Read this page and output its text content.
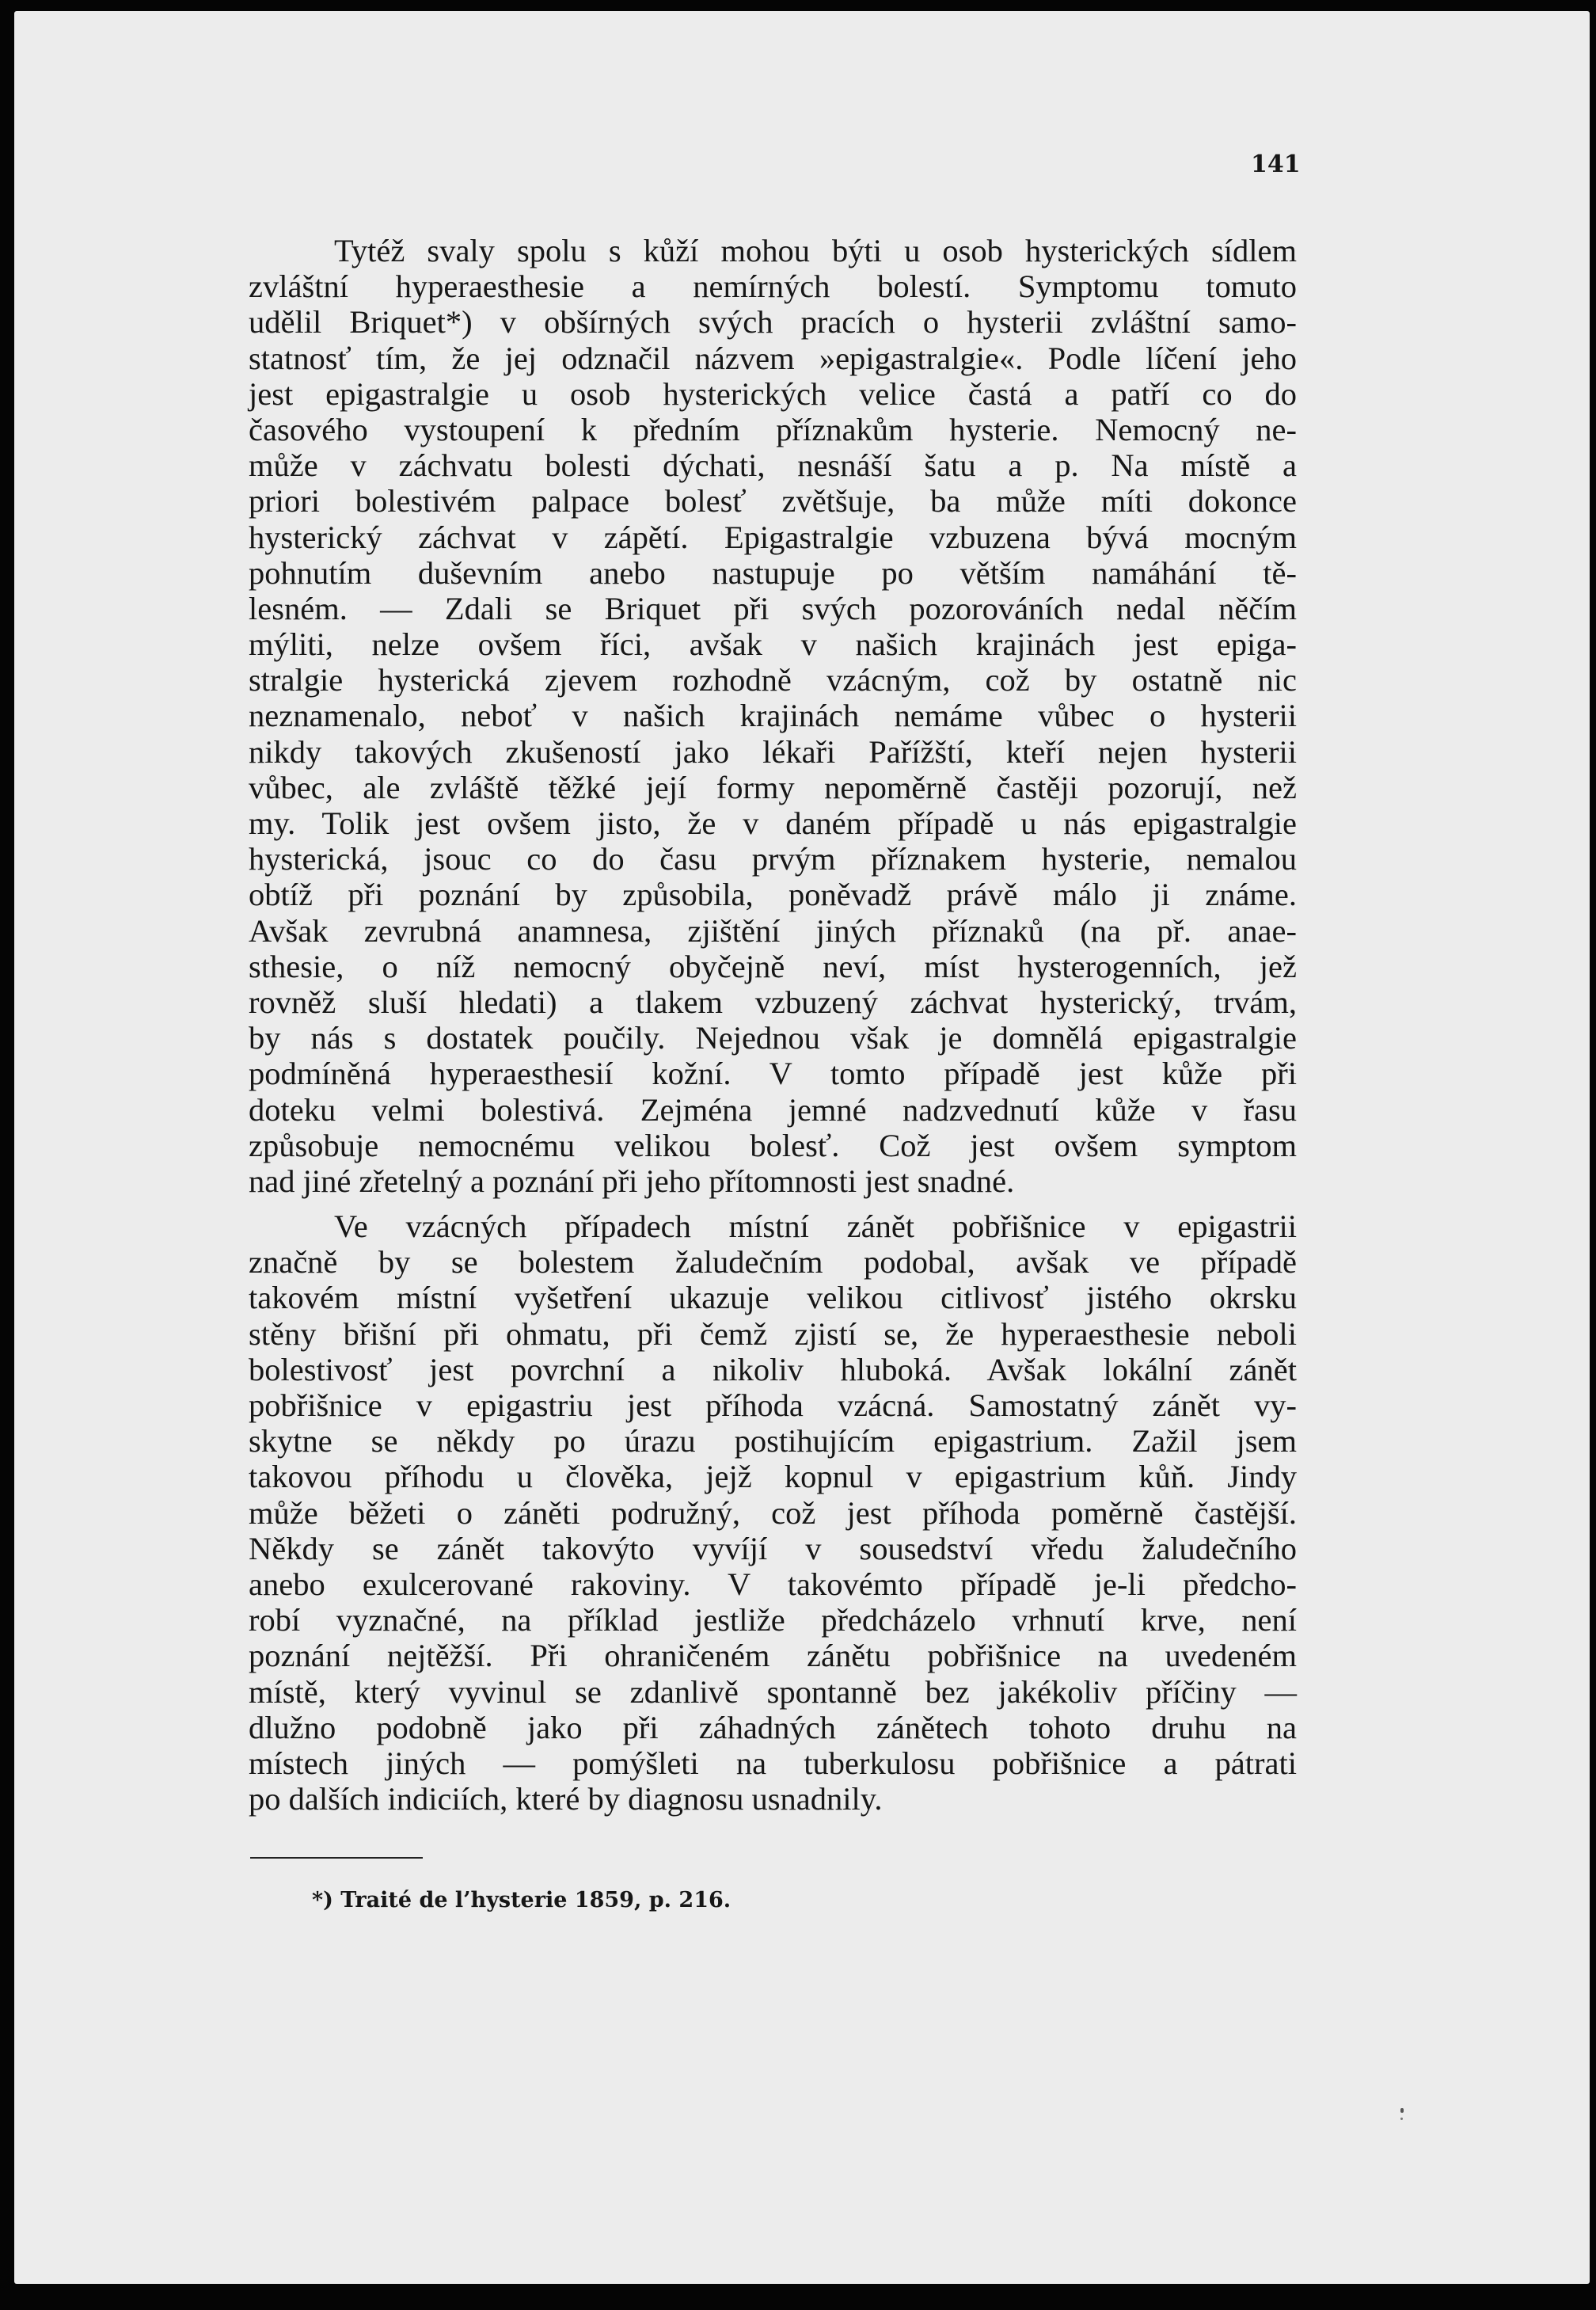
141
Tytéž svaly spolu s kůží mohou býti u osob hysterických sídlem
zvláštní hyperaesthesie a nemírných bolestí. Symptomu tomuto
udělil Briquet*) v obšírných svých pracích o hysterii zvláštní samo-
statnosť tím, že jej odznačil názvem »epigastralgie«. Podle líčení jeho
jest epigastralgie u osob hysterických velice častá a patří co do
časového vystoupení k předním příznakům hysterie. Nemocný ne-
může v záchvatu bolesti dýchati, nesnáší šatu a p. Na místě a
priori bolestivém palpace bolesť zvětšuje, ba může míti dokonce
hysterický záchvat v zápětí. Epigastralgie vzbuzena bývá mocným
pohnutím duševním anebo nastupuje po větším namáhání tě-
lesném. — Zdali se Briquet při svých pozorováních nedal něčím
mýliti, nelze ovšem říci, avšak v našich krajinách jest epiga-
stralgie hysterická zjevem rozhodně vzácným, což by ostatně nic
neznamenalo, neboť v našich krajinách nemáme vůbec o hysterii
nikdy takových zkušeností jako lékaři Pařížští, kteří nejen hysterii
vůbec, ale zvláště těžké její formy nepoměrně častěji pozorují, než
my. Tolik jest ovšem jisto, že v daném případě u nás epigastralgie
hysterická, jsouc co do času prvým příznakem hysterie, nemalou
obtíž při poznání by způsobila, poněvadž právě málo ji známe.
Avšak zevrubná anamnesa, zjištění jiných příznaků (na př. anae-
sthesie, o níž nemocný obyčejně neví, míst hysterogenních, jež
rovněž sluší hledati) a tlakem vzbuzený záchvat hysterický, trvám,
by nás s dostatek poučily. Nejednou však je domnělá epigastralgie
podmíněná hyperaesthesií kožní. V tomto případě jest kůže při
doteku velmi bolestivá. Zejména jemné nadzvednutí kůže v řasu
způsobuje nemocnému velikou bolesť. Což jest ovšem symptom
nad jiné zřetelný a poznání při jeho přítomnosti jest snadné.
Ve vzácných případech místní zánět pobřišnice v epigastrii
značně by se bolestem žaludečním podobal, avšak ve případě
takovém místní vyšetření ukazuje velikou citlivosť jistého okrsku
stěny břišní při ohmatu, při čemž zjistí se, že hyperaesthesie neboli
bolestivosť jest povrchní a nikoliv hluboká. Avšak lokální zánět
pobřišnice v epigastriu jest příhoda vzácná. Samostatný zánět vy-
skytne se někdy po úrazu postihujícím epigastrium. Zažil jsem
takovou příhodu u člověka, jejž kopnul v epigastrium kůň. Jindy
může běžeti o záněti podružný, což jest příhoda poměrně častější.
Někdy se zánět takovýto vyvíjí v sousedství vředu žaludečního
anebo exulcerované rakoviny. V takovémto případě je-li předcho-
robí vyznačné, na příklad jestliže předcházelo vrhnutí krve, není
poznání nejtěžší. Při ohraničeném zánětu pobřišnice na uvedeném
místě, který vyvinul se zdanlivě spontanně bez jakékoliv příčiny —
dlužno podobně jako při záhadných zánětech tohoto druhu na
místech jiných — pomýšleti na tuberkulosu pobřišnice a pátrati
po dalších indiciích, které by diagnosu usnadnily.
*) Traité de l’hysterie 1859, p. 216.
